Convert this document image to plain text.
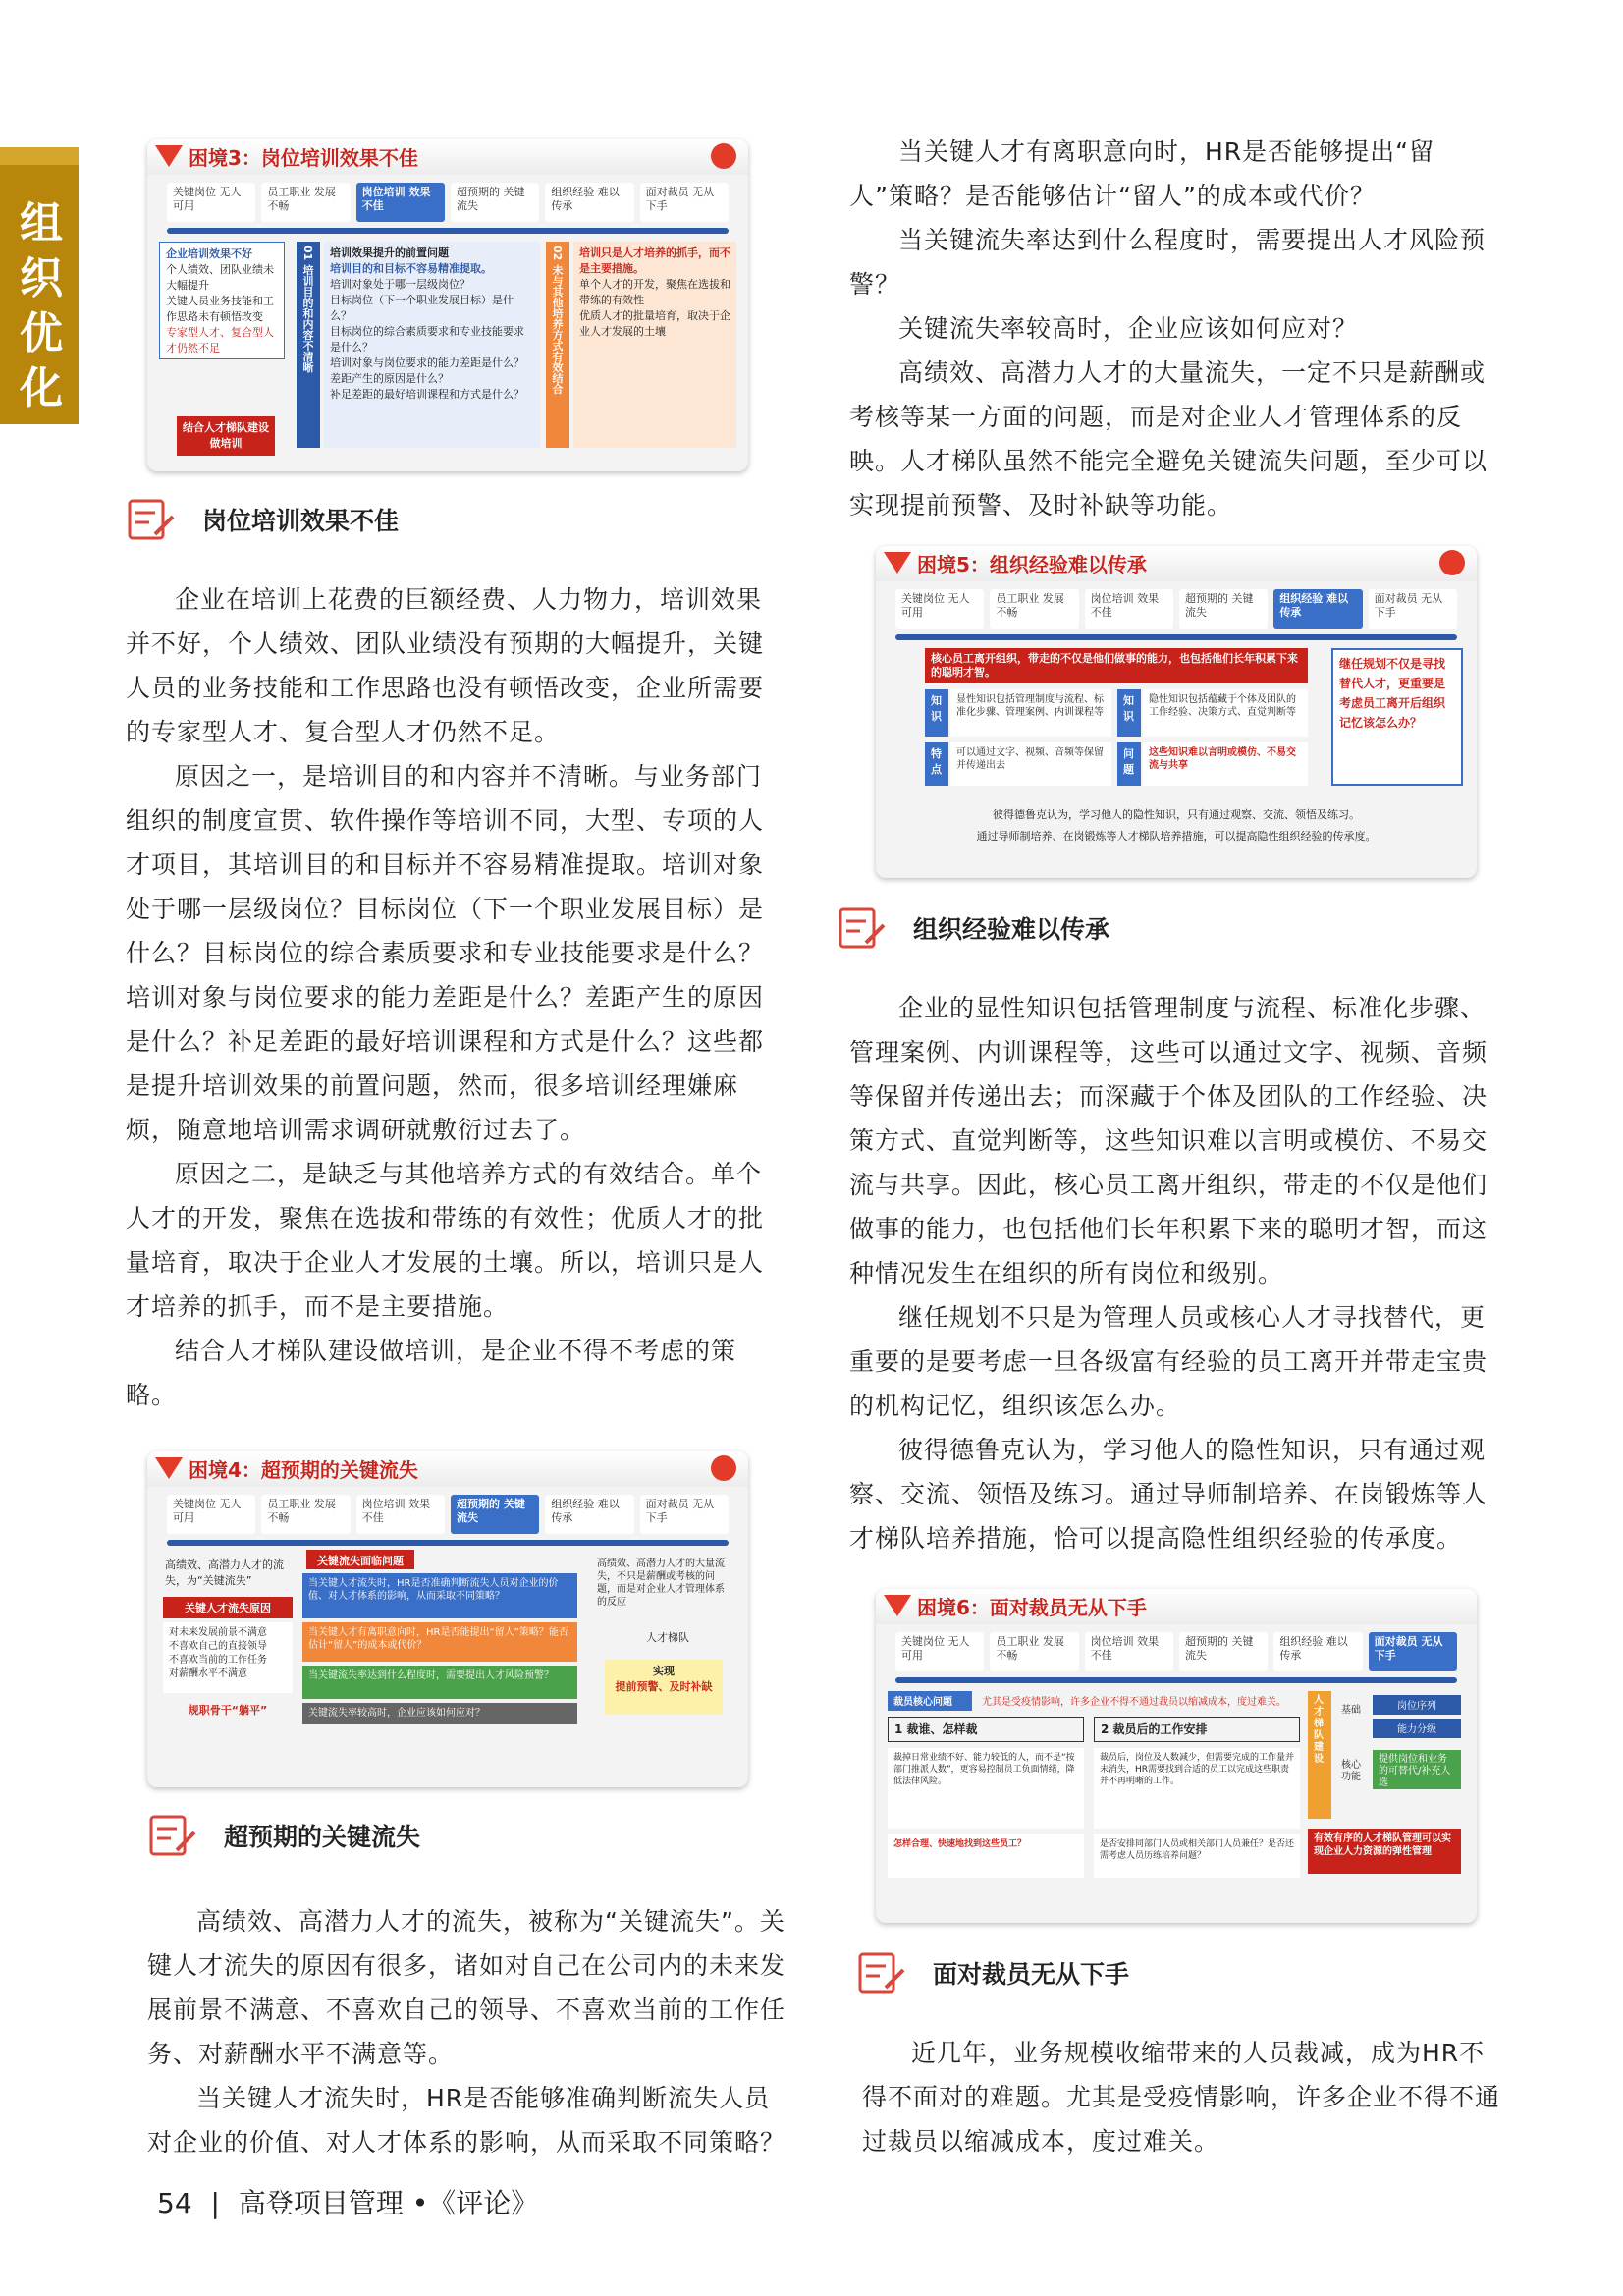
组织优化
困境3：岗位培训效果不佳
关键岗位 无人可用
员工职业 发展不畅
岗位培训 效果不佳
超预期的 关键流失
组织经验 难以传承
面对裁员 无从下手
企业培训效果不好
个人绩效、团队业绩未大幅提升
关键人员业务技能和工作思路未有顿悟改变
专家型人才、复合型人才仍然不足
结合人才梯队建设做培训
01 培训目的和内容不清晰	培训效果提升的前置问题
培训目的和目标不容易精准提取。
培训对象处于哪一层级岗位？
目标岗位（下一个职业发展目标）是什么？
目标岗位的综合素质要求和专业技能要求是什么？
培训对象与岗位要求的能力差距是什么？
差距产生的原因是什么？
补足差距的最好培训课程和方式是什么？
02 未与其他培养方式有效结合	培训只是人才培养的抓手，而不是主要措施。
单个人才的开发，聚焦在选拔和带练的有效性
优质人才的批量培育，取决于企业人才发展的土壤
岗位培训效果不佳

企业在培训上花费的巨额经费、人力物力，培训效果并不好，个人绩效、团队业绩没有预期的大幅提升，关键人员的业务技能和工作思路也没有顿悟改变，企业所需要的专家型人才、复合型人才仍然不足。

原因之一，是培训目的和内容并不清晰。与业务部门组织的制度宣贯、软件操作等培训不同，大型、专项的人才项目，其培训目的和目标并不容易精准提取。培训对象处于哪一层级岗位？目标岗位（下一个职业发展目标）是什么？目标岗位的综合素质要求和专业技能要求是什么？培训对象与岗位要求的能力差距是什么？差距产生的原因是什么？补足差距的最好培训课程和方式是什么？这些都是提升培训效果的前置问题，然而，很多培训经理嫌麻烦，随意地培训需求调研就敷衍过去了。

原因之二，是缺乏与其他培养方式的有效结合。单个人才的开发，聚焦在选拔和带练的有效性；优质人才的批量培育，取决于企业人才发展的土壤。所以，培训只是人才培养的抓手，而不是主要措施。

结合人才梯队建设做培训，是企业不得不考虑的策略。

困境4：超预期的关键流失
关键岗位 无人可用
员工职业 发展不畅
岗位培训 效果不佳
超预期的 关键流失
组织经验 难以传承
面对裁员 无从下手
高绩效、高潜力人才的流失，为“关键流失”
关键人才流失原因
对未来发展前景不满意
不喜欢自己的直接领导
不喜欢当前的工作任务
对薪酬水平不满意
规职骨干“躺平”
关键流失面临问题
当关键人才流失时，HR是否准确判断流失人员对企业的价值、对人才体系的影响，从而采取不同策略？
当关键人才有离职意向时，HR是否能提出“留人”策略？能否估计“留人”的成本或代价？
当关键流失率达到什么程度时，需要提出人才风险预警？
关键流失率较高时，企业应该如何应对？
高绩效、高潜力人才的大量流失，不只是薪酬或考核的问题，而是对企业人才管理体系的反应
人才梯队
实现
提前预警、及时补缺
超预期的关键流失

高绩效、高潜力人才的流失，被称为“关键流失”。关键人才流失的原因有很多，诸如对自己在公司内的未来发展前景不满意、不喜欢自己的领导、不喜欢当前的工作任务、对薪酬水平不满意等。

当关键人才流失时，HR是否能够准确判断流失人员对企业的价值、对人才体系的影响，从而采取不同策略？

当关键人才有离职意向时，HR是否能够提出“留人”策略？是否能够估计“留人”的成本或代价？

当关键流失率达到什么程度时，需要提出人才风险预警？

关键流失率较高时，企业应该如何应对？

高绩效、高潜力人才的大量流失，一定不只是薪酬或考核等某一方面的问题，而是对企业人才管理体系的反映。人才梯队虽然不能完全避免关键流失问题，至少可以实现提前预警、及时补缺等功能。

困境5：组织经验难以传承
关键岗位 无人可用
员工职业 发展不畅
岗位培训 效果不佳
超预期的 关键流失
组织经验 难以传承
面对裁员 无从下手
核心员工离开组织，带走的不仅是他们做事的能力，也包括他们长年积累下来的聪明才智。
知识
显性知识包括管理制度与流程、标准化步骤、管理案例、内训课程等
知识
隐性知识包括蕴藏于个体及团队的工作经验、决策方式、直觉判断等
特点
可以通过文字、视频、音频等保留并传递出去
问题
这些知识难以言明或模仿、不易交流与共享
继任规划不仅是寻找替代人才，更重要是考虑员工离开后组织记忆该怎么办？
彼得德鲁克认为，学习他人的隐性知识，只有通过观察、交流、领悟及练习。
通过导师制培养、在岗锻炼等人才梯队培养措施，可以提高隐性组织经验的传承度。
组织经验难以传承

企业的显性知识包括管理制度与流程、标准化步骤、管理案例、内训课程等，这些可以通过文字、视频、音频等保留并传递出去；而深藏于个体及团队的工作经验、决策方式、直觉判断等，这些知识难以言明或模仿、不易交流与共享。因此，核心员工离开组织，带走的不仅是他们做事的能力，也包括他们长年积累下来的聪明才智，而这种情况发生在组织的所有岗位和级别。

继任规划不只是为管理人员或核心人才寻找替代，更重要的是要考虑一旦各级富有经验的员工离开并带走宝贵的机构记忆，组织该怎么办。

彼得德鲁克认为，学习他人的隐性知识，只有通过观察、交流、领悟及练习。通过导师制培养、在岗锻炼等人才梯队培养措施，恰可以提高隐性组织经验的传承度。

困境6：面对裁员无从下手
关键岗位 无人可用
员工职业 发展不畅
岗位培训 效果不佳
超预期的 关键流失
组织经验 难以传承
面对裁员 无从下手
裁员核心问题	尤其是受疫情影响，许多企业不得不通过裁员以缩减成本，度过难关。
1 裁谁、怎样裁	2 裁员后的工作安排
裁掉日常业绩不好、能力较低的人，而不是“按部门推派人数”，更容易控制员工负面情绪，降低法律风险。
裁员后，岗位及人数减少，但需要完成的工作量并未消失，HR需要找到合适的员工以完成这些职责并不再明晰的工作。
怎样合理、快速地找到这些员工？	是否安排同部门人员或相关部门人员兼任？是否还需考虑人员历练培养问题？
人才梯队建设
基础	岗位序列
能力分级
核心功能
提供岗位和业务的可替代/补充人选
有效有序的人才梯队管理可以实现企业人力资源的弹性管理
面对裁员无从下手

近几年，业务规模收缩带来的人员裁减，成为HR不得不面对的难题。尤其是受疫情影响，许多企业不得不通过裁员以缩减成本，度过难关。

54 | 高登项目管理 •《评论》
